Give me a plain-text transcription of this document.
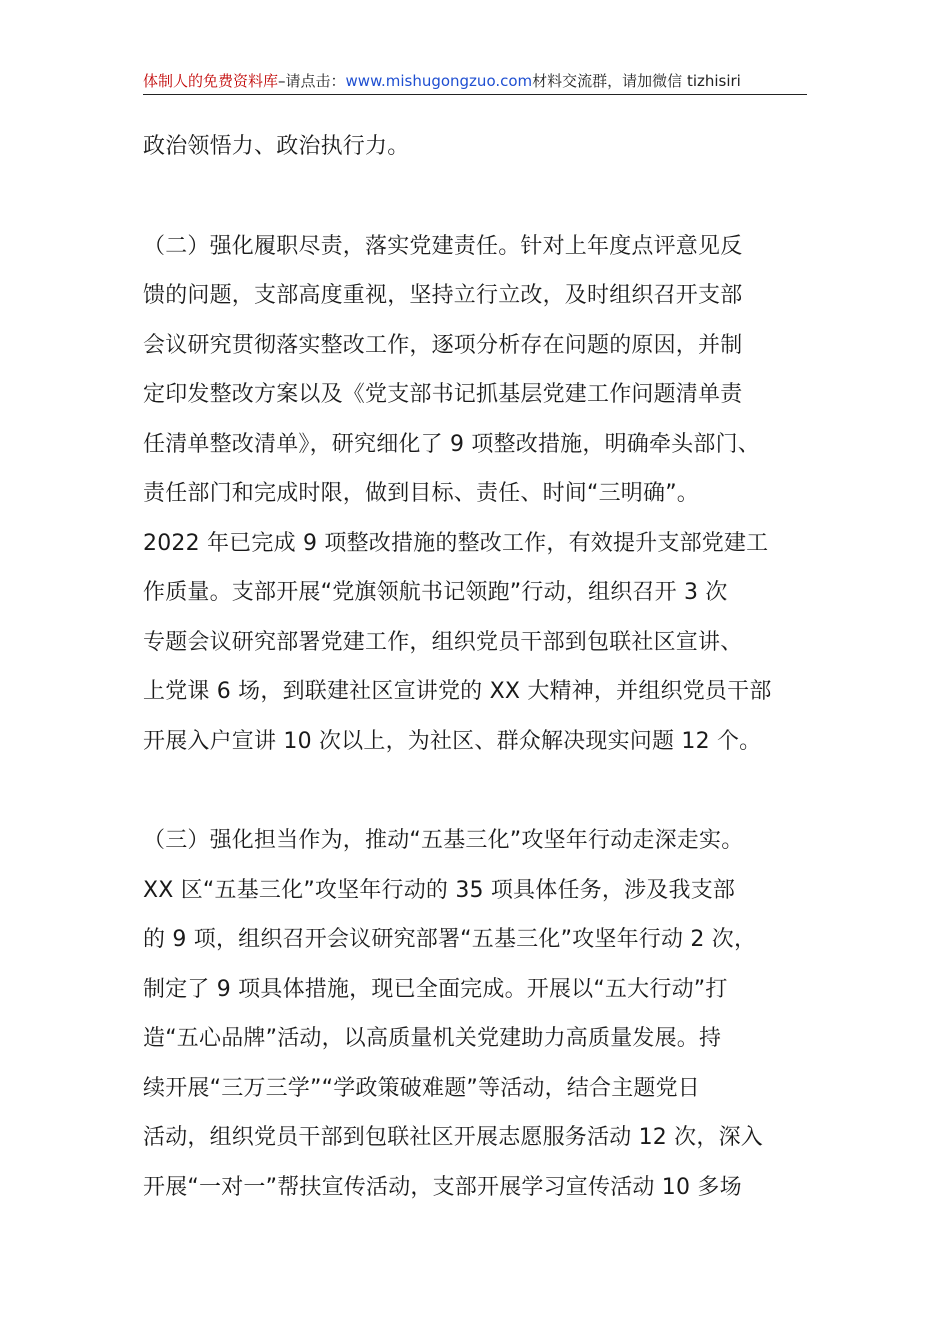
体制人的免费资料库–请点击：www.mishugongzuo.com材料交流群，请加微信 tizhisiri
政治领悟力、政治执行力。
（二）强化履职尽责，落实党建责任。针对上年度点评意见反
馈的问题，支部高度重视，坚持立行立改，及时组织召开支部
会议研究贯彻落实整改工作，逐项分析存在问题的原因，并制
定印发整改方案以及《党支部书记抓基层党建工作问题清单责
任清单整改清单》，研究细化了 9 项整改措施，明确牵头部门、
责任部门和完成时限，做到目标、责任、时间“三明确”。
2022 年已完成 9 项整改措施的整改工作，有效提升支部党建工
作质量。支部开展“党旗领航书记领跑”行动，组织召开 3 次
专题会议研究部署党建工作，组织党员干部到包联社区宣讲、
上党课 6 场，到联建社区宣讲党的 XX 大精神，并组织党员干部
开展入户宣讲 10 次以上，为社区、群众解决现实问题 12 个。
（三）强化担当作为，推动“五基三化”攻坚年行动走深走实。
XX 区“五基三化”攻坚年行动的 35 项具体任务，涉及我支部
的 9 项，组织召开会议研究部署“五基三化”攻坚年行动 2 次，
制定了 9 项具体措施，现已全面完成。开展以“五大行动”打
造“五心品牌”活动，以高质量机关党建助力高质量发展。持
续开展“三万三学”“学政策破难题”等活动，结合主题党日
活动，组织党员干部到包联社区开展志愿服务活动 12 次，深入
开展“一对一”帮扶宣传活动，支部开展学习宣传活动 10 多场
